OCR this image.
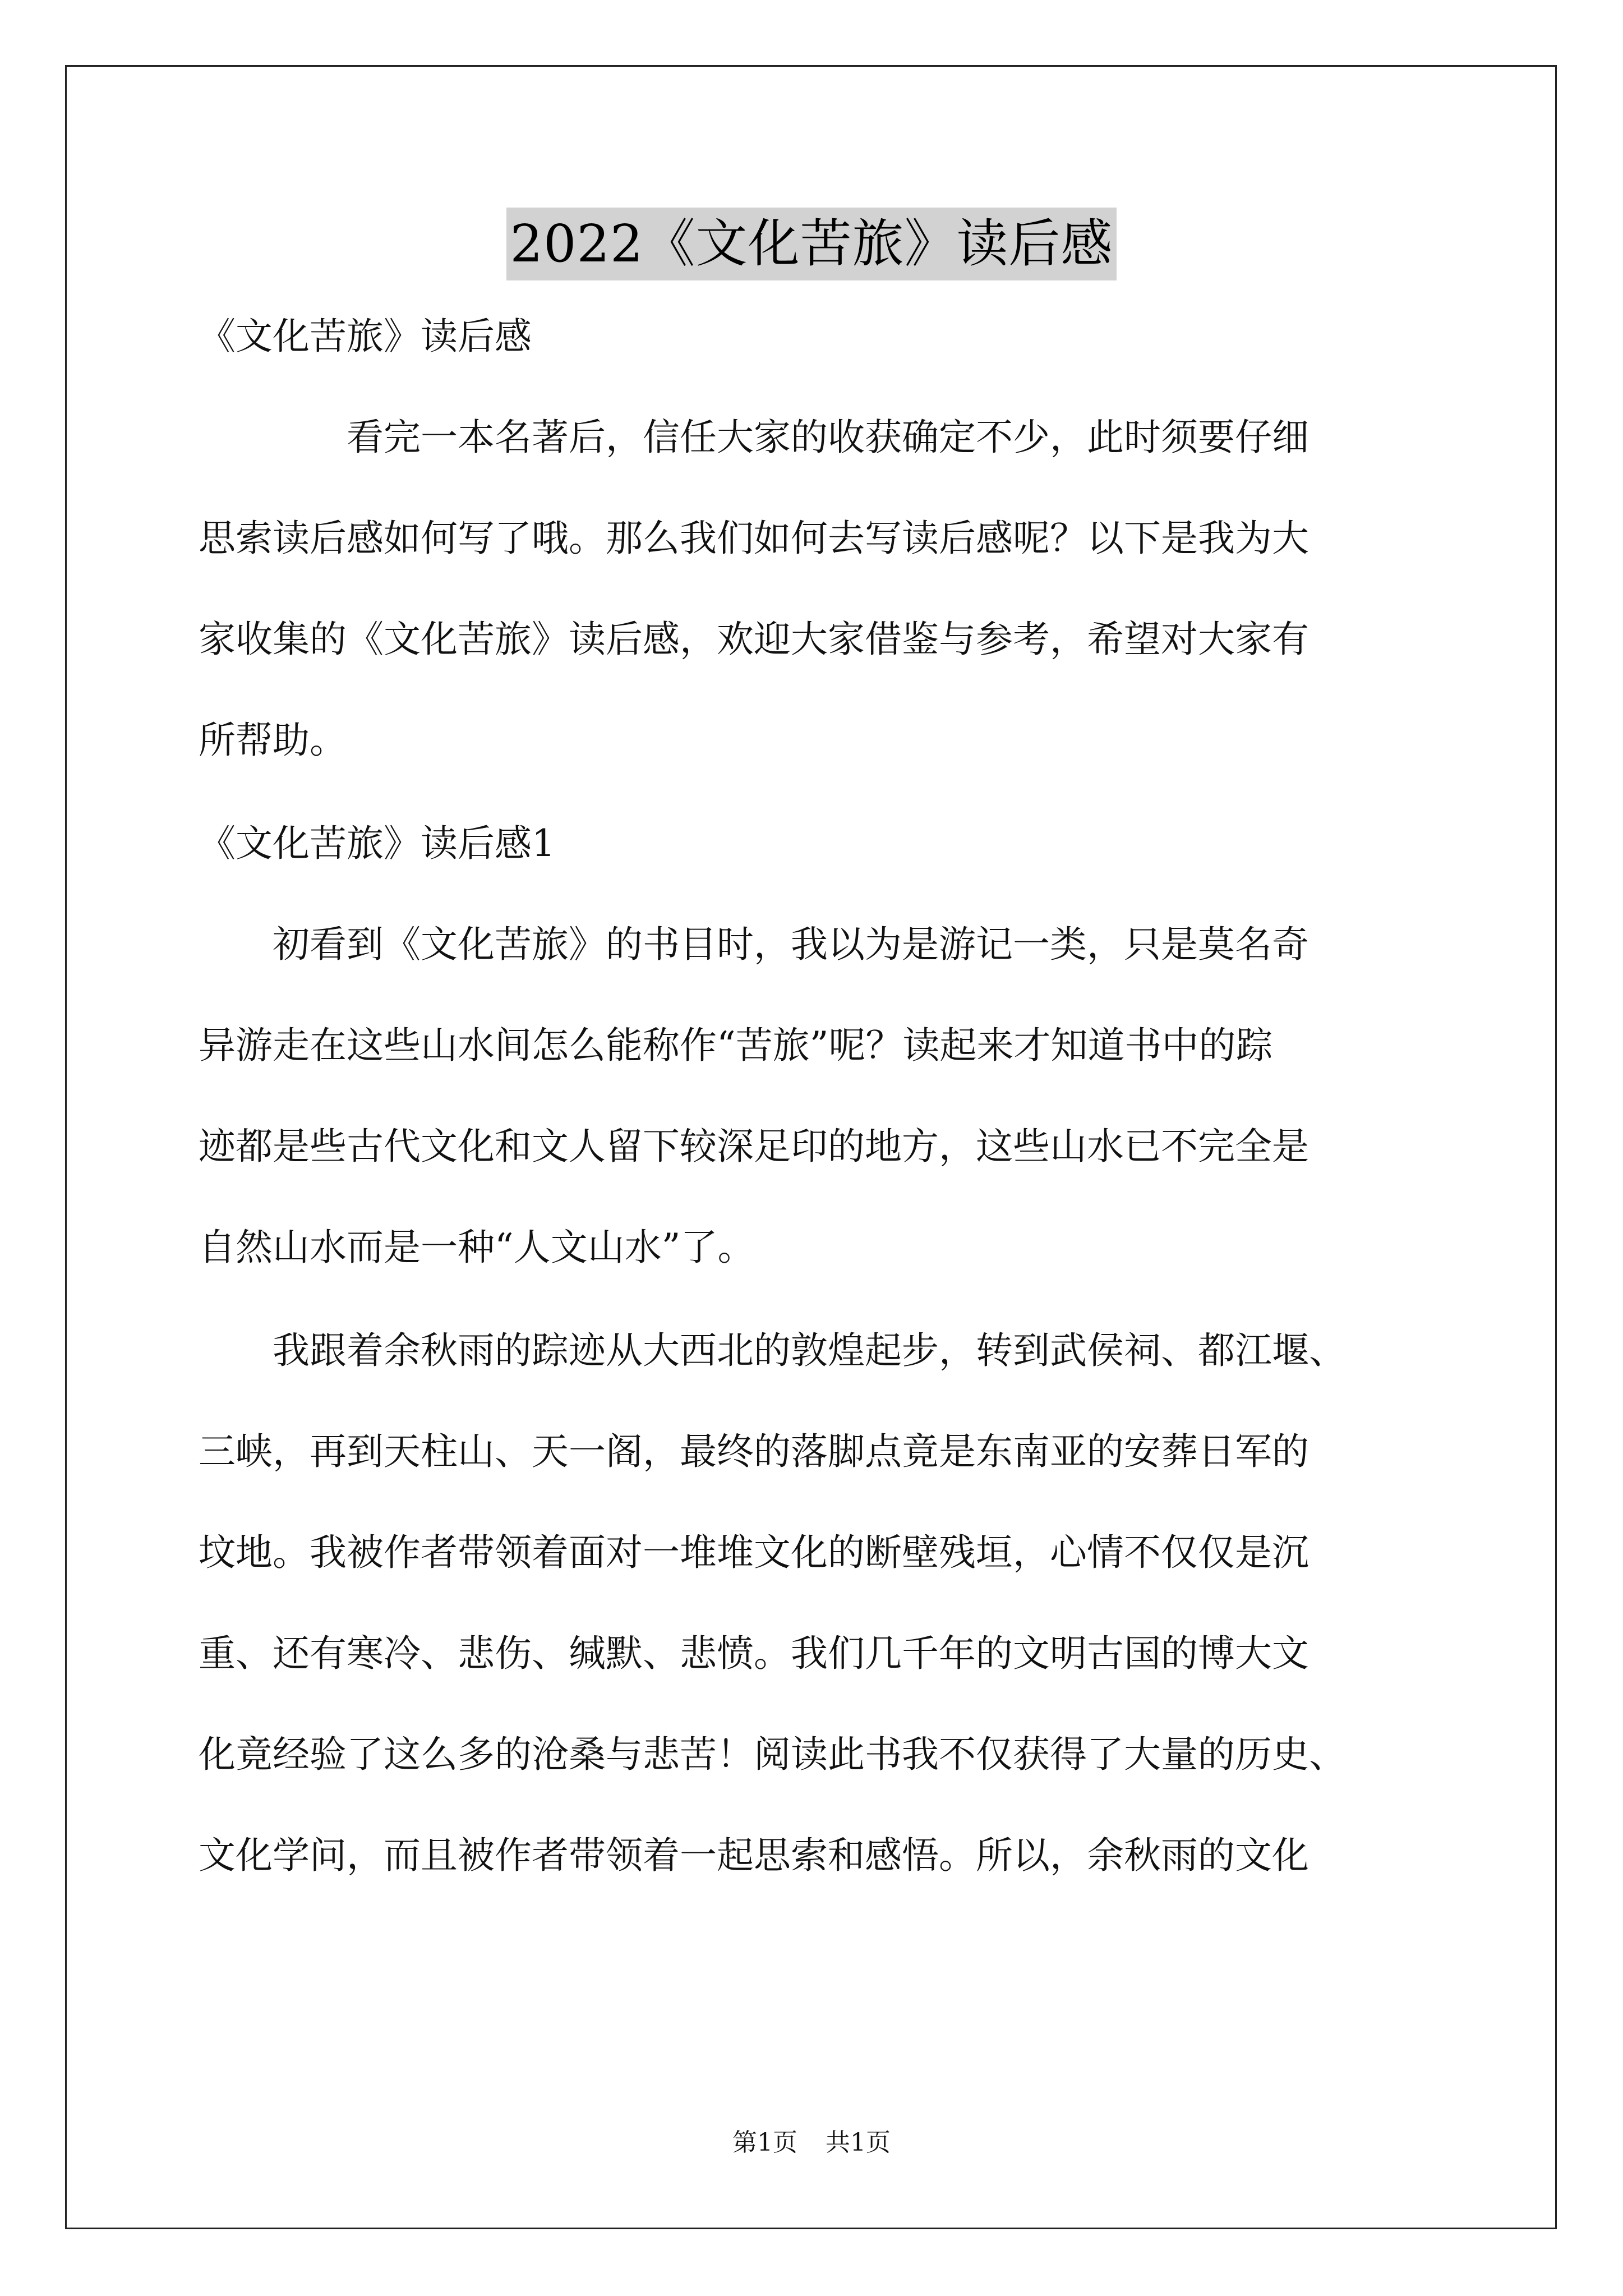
2022《文化苦旅》读后感
《文化苦旅》读后感
　　　　看完一本名著后，信任大家的收获确定不少，此时须要仔细
思索读后感如何写了哦。那么我们如何去写读后感呢？以下是我为大
家收集的《文化苦旅》读后感，欢迎大家借鉴与参考，希望对大家有
所帮助。
《文化苦旅》读后感1
　　初看到《文化苦旅》的书目时，我以为是游记一类，只是莫名奇
异游走在这些山水间怎么能称作“苦旅”呢？读起来才知道书中的踪
迹都是些古代文化和文人留下较深足印的地方，这些山水已不完全是
自然山水而是一种“人文山水”了。
　　我跟着余秋雨的踪迹从大西北的敦煌起步，转到武侯祠、都江堰、
三峡，再到天柱山、天一阁，最终的落脚点竟是东南亚的安葬日军的
坟地。我被作者带领着面对一堆堆文化的断壁残垣，心情不仅仅是沉
重、还有寒冷、悲伤、缄默、悲愤。我们几千年的文明古国的博大文
化竟经验了这么多的沧桑与悲苦！阅读此书我不仅获得了大量的历史、
文化学问，而且被作者带领着一起思索和感悟。所以，余秋雨的文化
第1页 共1页
